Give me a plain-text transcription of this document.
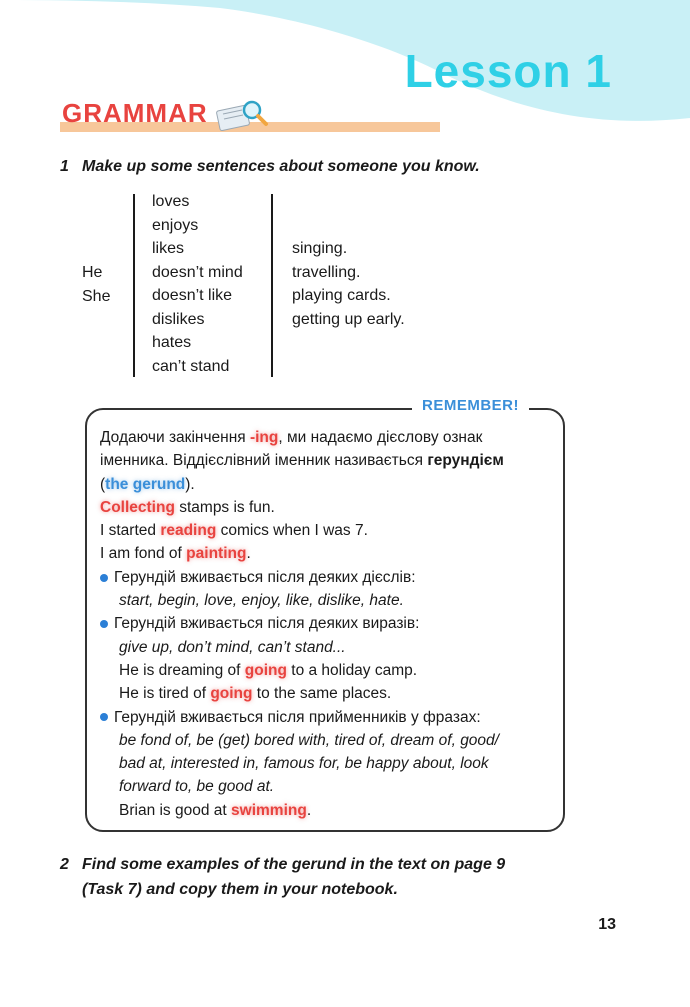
Lesson 1
GRAMMAR
1 Make up some sentences about someone you know.
He
She
loves
enjoys
likes
doesn’t mind
doesn’t like
dislikes
hates
can’t stand
singing.
travelling.
playing cards.
getting up early.
REMEMBER!

Додаючи закінчення -ing, ми надаємо дієслову ознак

іменника. Віддієслівний іменник називається герундієм

(the gerund).

Collecting stamps is fun.

I started reading comics when I was 7.

I am fond of painting.

Герундій вживається після деяких дієслів:

start, begin, love, enjoy, like, dislike, hate.

Герундій вживається після деяких виразів:

give up, don’t mind, can’t stand...

He is dreaming of going to a holiday camp.

He is tired of going to the same places.

Герундій вживається після прийменників у фразах:

be fond of, be (get) bored with, tired of, dream of, good/

bad at, interested in, famous for, be happy about, look

forward to, be good at.

Brian is good at swimming.

2 Find some examples of the gerund in the text on page 9
(Task 7) and copy them in your notebook.
13
